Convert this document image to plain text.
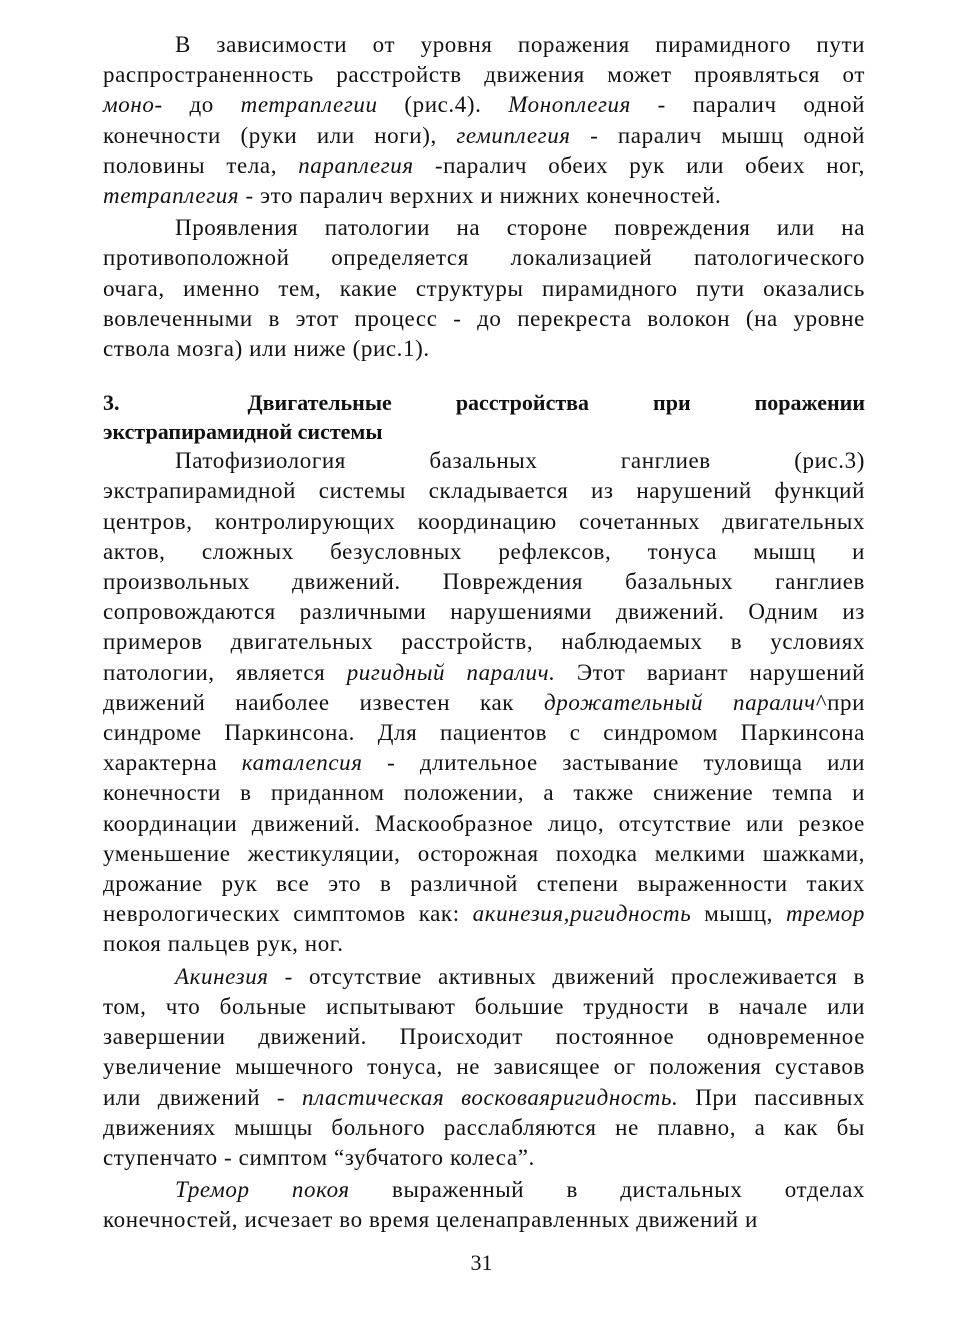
В зависимости от уровня поражения пирамидного пути
распространенность расстройств движения может проявляться от
моно- до тетраплегии (рис.4). Моноплегия - паралич одной
конечности (руки или ноги), гемиплегия - паралич мышц одной
половины тела, параплегия -паралич обеих рук или обеих ног,
тетраплегия - это паралич верхних и нижних конечностей.
Проявления патологии на стороне повреждения или на
противоположной определяется локализацией патологического
очага, именно тем, какие структуры пирамидного пути оказались
вовлеченными в этот процесс - до перекреста волокон (на уровне
ствола мозга) или ниже (рис.1).
3.          Двигательные     расстройства     при     поражении
экстрапирамидной системы
Патофизиология базальных ганглиев (рис.3)
экстрапирамидной системы складывается из нарушений функций
центров, контролирующих координацию сочетанных двигательных
актов, сложных безусловных рефлексов, тонуса мышц и
произвольных движений. Повреждения базальных ганглиев
сопровождаются различными нарушениями движений. Одним из
примеров двигательных расстройств, наблюдаемых в условиях
патологии, является ригидный паралич. Этот вариант нарушений
движений наиболее известен как дрожательный паралич^при
синдроме Паркинсона. Для пациентов с синдромом Паркинсона
характерна каталепсия - длительное застывание туловища или
конечности в приданном положении, а также снижение темпа и
координации движений. Маскообразное лицо, отсутствие или резкое
уменьшение жестикуляции, осторожная походка мелкими шажками,
дрожание рук все это в различной степени выраженности таких
неврологических симптомов как: акинезия,ригидность мышц, тремор
покоя пальцев рук, ног.
Акинезия - отсутствие активных движений прослеживается в
том, что больные испытывают большие трудности в начале или
завершении движений. Происходит постоянное одновременное
увеличение мышечного тонуса, не зависящее ог положения суставов
или движений - пластическая восковаяригидность. При пассивных
движениях мышцы больного расслабляются не плавно, а как бы
ступенчато - симптом “зубчатого колеса”.
Тремор покоя выраженный в дистальных отделах
конечностей, исчезает во время целенаправленных движений и
31
